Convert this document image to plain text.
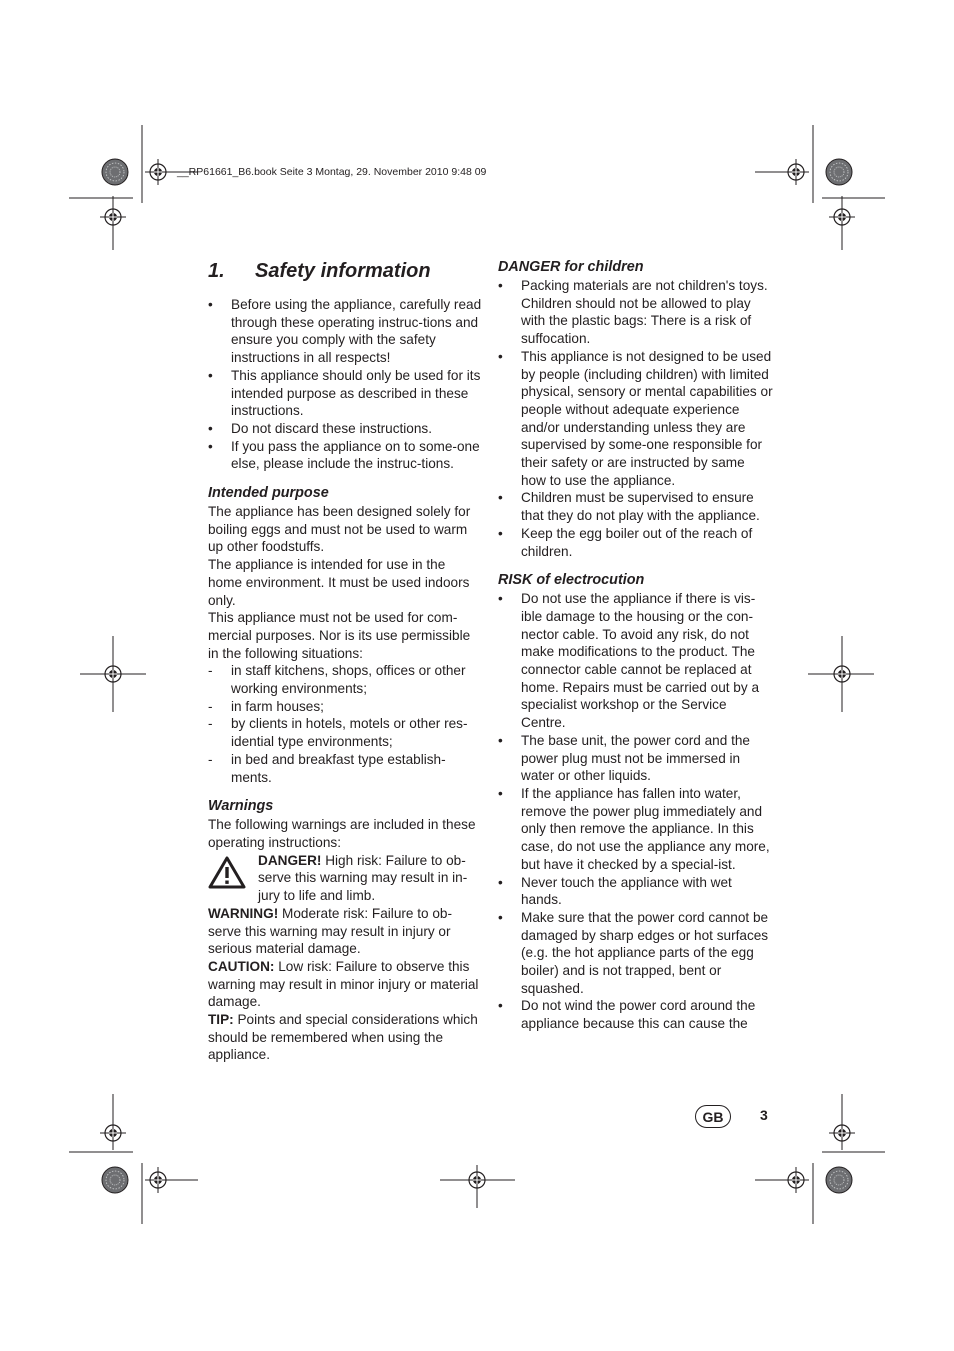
__RP61661_B6.book Seite 3 Montag, 29. November 2010 9:48 09
1. Safety information
• Before using the appliance, carefully read through these operating instruc-tions and ensure you comply with the safety instructions in all respects!
• This appliance should only be used for its intended purpose as described in these instructions.
• Do not discard these instructions.
• If you pass the appliance on to some-one else, please include the instruc-tions.
Intended purpose

The appliance has been designed solely for boiling eggs and must not be used to warm up other foodstuffs.

The appliance is intended for use in the home environment. It must be used indoors only.

This appliance must not be used for com-mercial purposes. Nor is its use permissible in the following situations:

- in staff kitchens, shops, offices or other working environments;
- in farm houses;
- by clients in hotels, motels or other res-idential type environments;
- in bed and breakfast type establish-ments.
Warnings

The following warnings are included in these operating instructions:

DANGER! High risk: Failure to ob-serve this warning may result in in-jury to life and limb.

WARNING! Moderate risk: Failure to ob-serve this warning may result in injury or serious material damage.

CAUTION: Low risk: Failure to observe this warning may result in minor injury or material damage.

TIP: Points and special considerations which should be remembered when using the appliance.

DANGER for children
• Packing materials are not children's toys. Children should not be allowed to play with the plastic bags: There is a risk of suffocation.
• This appliance is not designed to be used by people (including children) with limited physical, sensory or mental capabilities or people without adequate experience and/or understanding unless they are supervised by some-one responsible for their safety or are instructed by same how to use the appliance.
• Children must be supervised to ensure that they do not play with the appliance.
• Keep the egg boiler out of the reach of children.
RISK of electrocution
• Do not use the appliance if there is vis-ible damage to the housing or the con-nector cable. To avoid any risk, do not make modifications to the product. The connector cable cannot be replaced at home. Repairs must be carried out by a specialist workshop or the Service Centre.
• The base unit, the power cord and the power plug must not be immersed in water or other liquids.
• If the appliance has fallen into water, remove the power plug immediately and only then remove the appliance. In this case, do not use the appliance any more, but have it checked by a special-ist.
• Never touch the appliance with wet hands.
• Make sure that the power cord cannot be damaged by sharp edges or hot surfaces (e.g. the hot appliance parts of the egg boiler) and is not trapped, bent or squashed.
• Do not wind the power cord around the appliance because this can cause the
GB	3
